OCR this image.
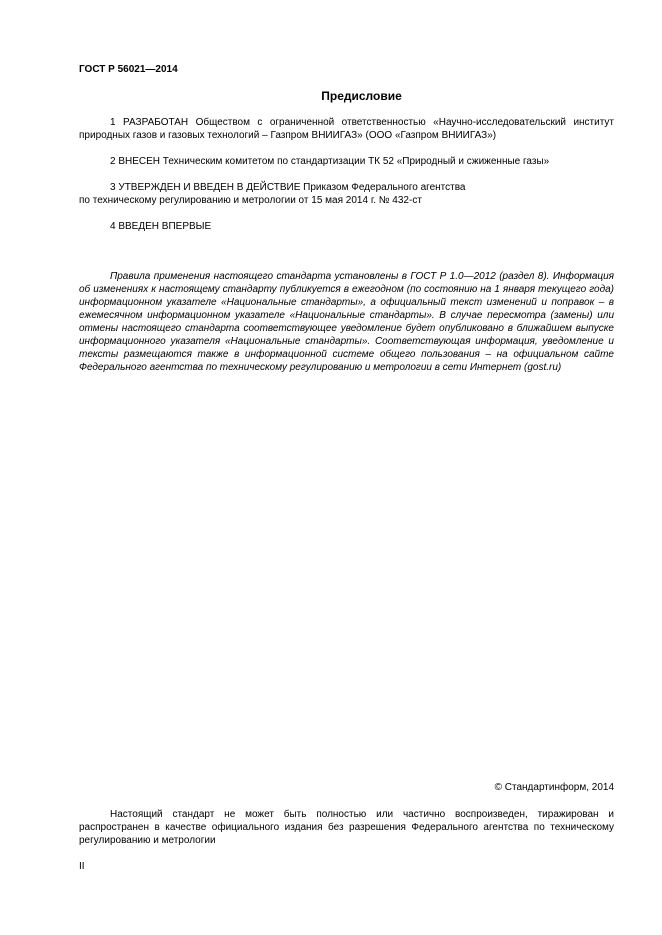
ГОСТ Р 56021—2014
Предисловие

1 РАЗРАБОТАН Обществом с ограниченной ответственностью «Научно-исследовательский институт природных газов и газовых технологий – Газпром ВНИИГАЗ» (ООО «Газпром ВНИИГАЗ»)

2 ВНЕСЕН Техническим комитетом по стандартизации ТК 52 «Природный и сжиженные газы»

3 УТВЕРЖДЕН И ВВЕДЕН В ДЕЙСТВИЕ Приказом Федерального агентства
по техническому регулированию и метрологии от 15 мая 2014 г. № 432-ст

4 ВВЕДЕН ВПЕРВЫЕ

Правила применения настоящего стандарта установлены в ГОСТ Р 1.0—2012 (раздел 8). Информация об изменениях к настоящему стандарту публикуется в ежегодном (по состоянию на 1 января текущего года) информационном указателе «Национальные стандарты», а официальный текст изменений и поправок – в ежемесячном информационном указателе «Национальные стандарты». В случае пересмотра (замены) или отмены настоящего стандарта соответствующее уведомление будет опубликовано в ближайшем выпуске информационного указателя «Национальные стандарты». Соответствующая информация, уведомление и тексты размещаются также в информационной системе общего пользования – на официальном сайте Федерального агентства по техническому регулированию и метрологии в сети Интернет (gost.ru)

© Стандартинформ, 2014

Настоящий стандарт не может быть полностью или частично воспроизведен, тиражирован и распространен в качестве официального издания без разрешения Федерального агентства по техническому регулированию и метрологии

II
